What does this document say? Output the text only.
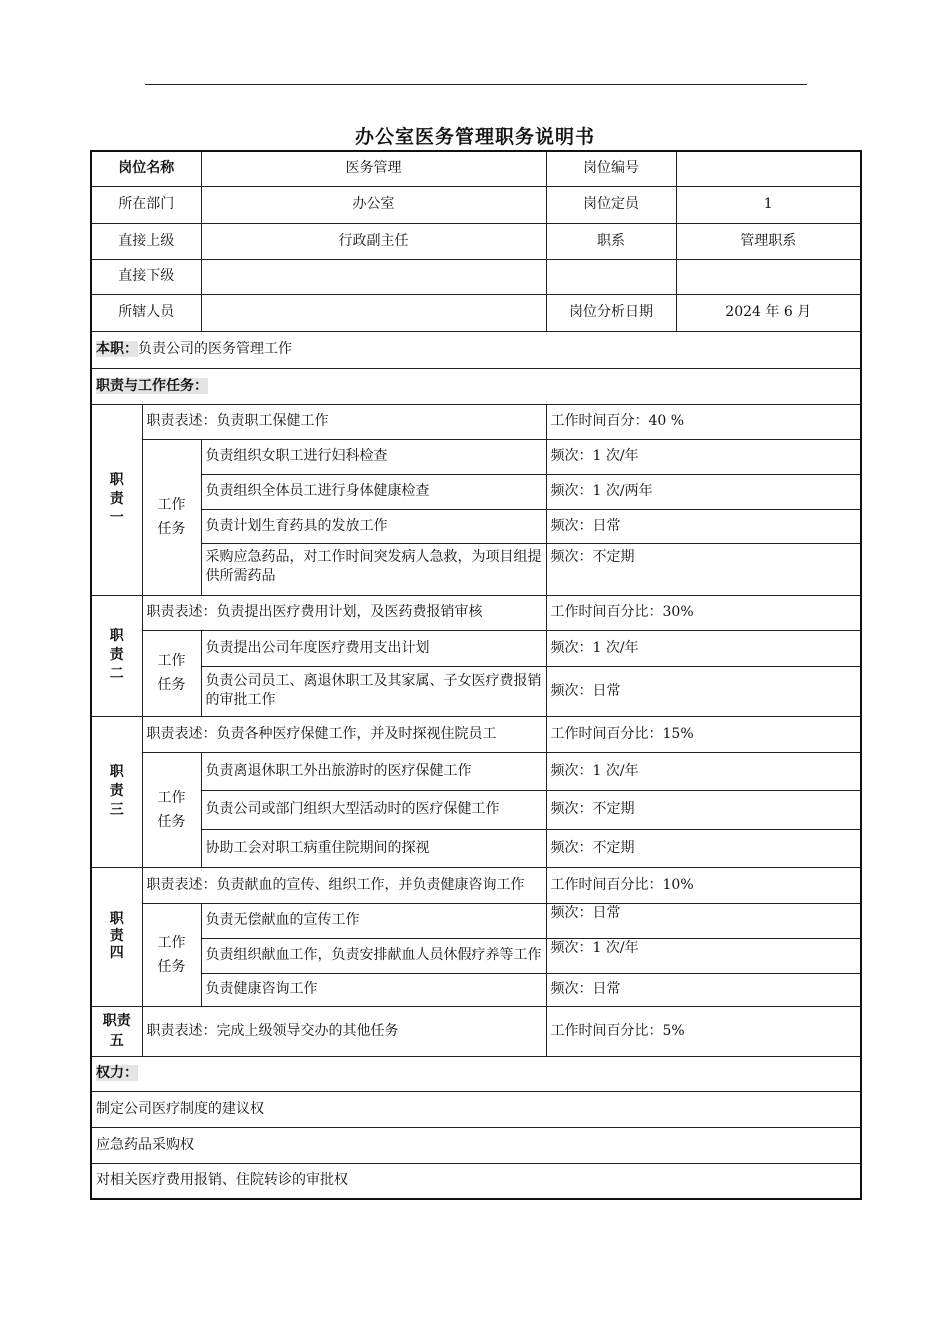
办公室医务管理职务说明书
岗位名称		医务管理	岗位编号	
所在部门		办公室	岗位定员	1
直接上级		行政副主任	职系	管理职系
直接下级				
所辖人员			岗位分析日期	2024 年 6 月
本职：负责公司的医务管理工作				
职责与工作任务：				
职责一	职责表述：负责职工保健工作		工作时间百分：40 %	
	工作任务	负责组织女职工进行妇科检查	频次：1 次/年	
		负责组织全体员工进行身体健康检查	频次：1 次/两年	
		负责计划生育药具的发放工作	频次：日常	
		采购应急药品，对工作时间突发病人急救，为项目组提供所需药品	频次：不定期	
职责二	职责表述：负责提出医疗费用计划，及医药费报销审核		工作时间百分比：30%	
	工作任务	负责提出公司年度医疗费用支出计划	频次：1 次/年	
		负责公司员工、离退休职工及其家属、子女医疗费报销的审批工作	频次：日常	
职责三	职责表述：负责各种医疗保健工作，并及时探视住院员工		工作时间百分比：15%	
	工作任务	负责离退休职工外出旅游时的医疗保健工作	频次：1 次/年	
		负责公司或部门组织大型活动时的医疗保健工作	频次：不定期	
		协助工会对职工病重住院期间的探视	频次：不定期	
职责四	职责表述：负责献血的宣传、组织工作，并负责健康咨询工作		工作时间百分比：10%	
	工作任务	负责无偿献血的宣传工作	频次：日常	
		负责组织献血工作，负责安排献血人员休假疗养等工作	频次：1 次/年	
		负责健康咨询工作	频次：日常	
职责五	职责表述：完成上级领导交办的其他任务		工作时间百分比：5%	
权力：				
制定公司医疗制度的建议权				
应急药品采购权				
对相关医疗费用报销、住院转诊的审批权				
